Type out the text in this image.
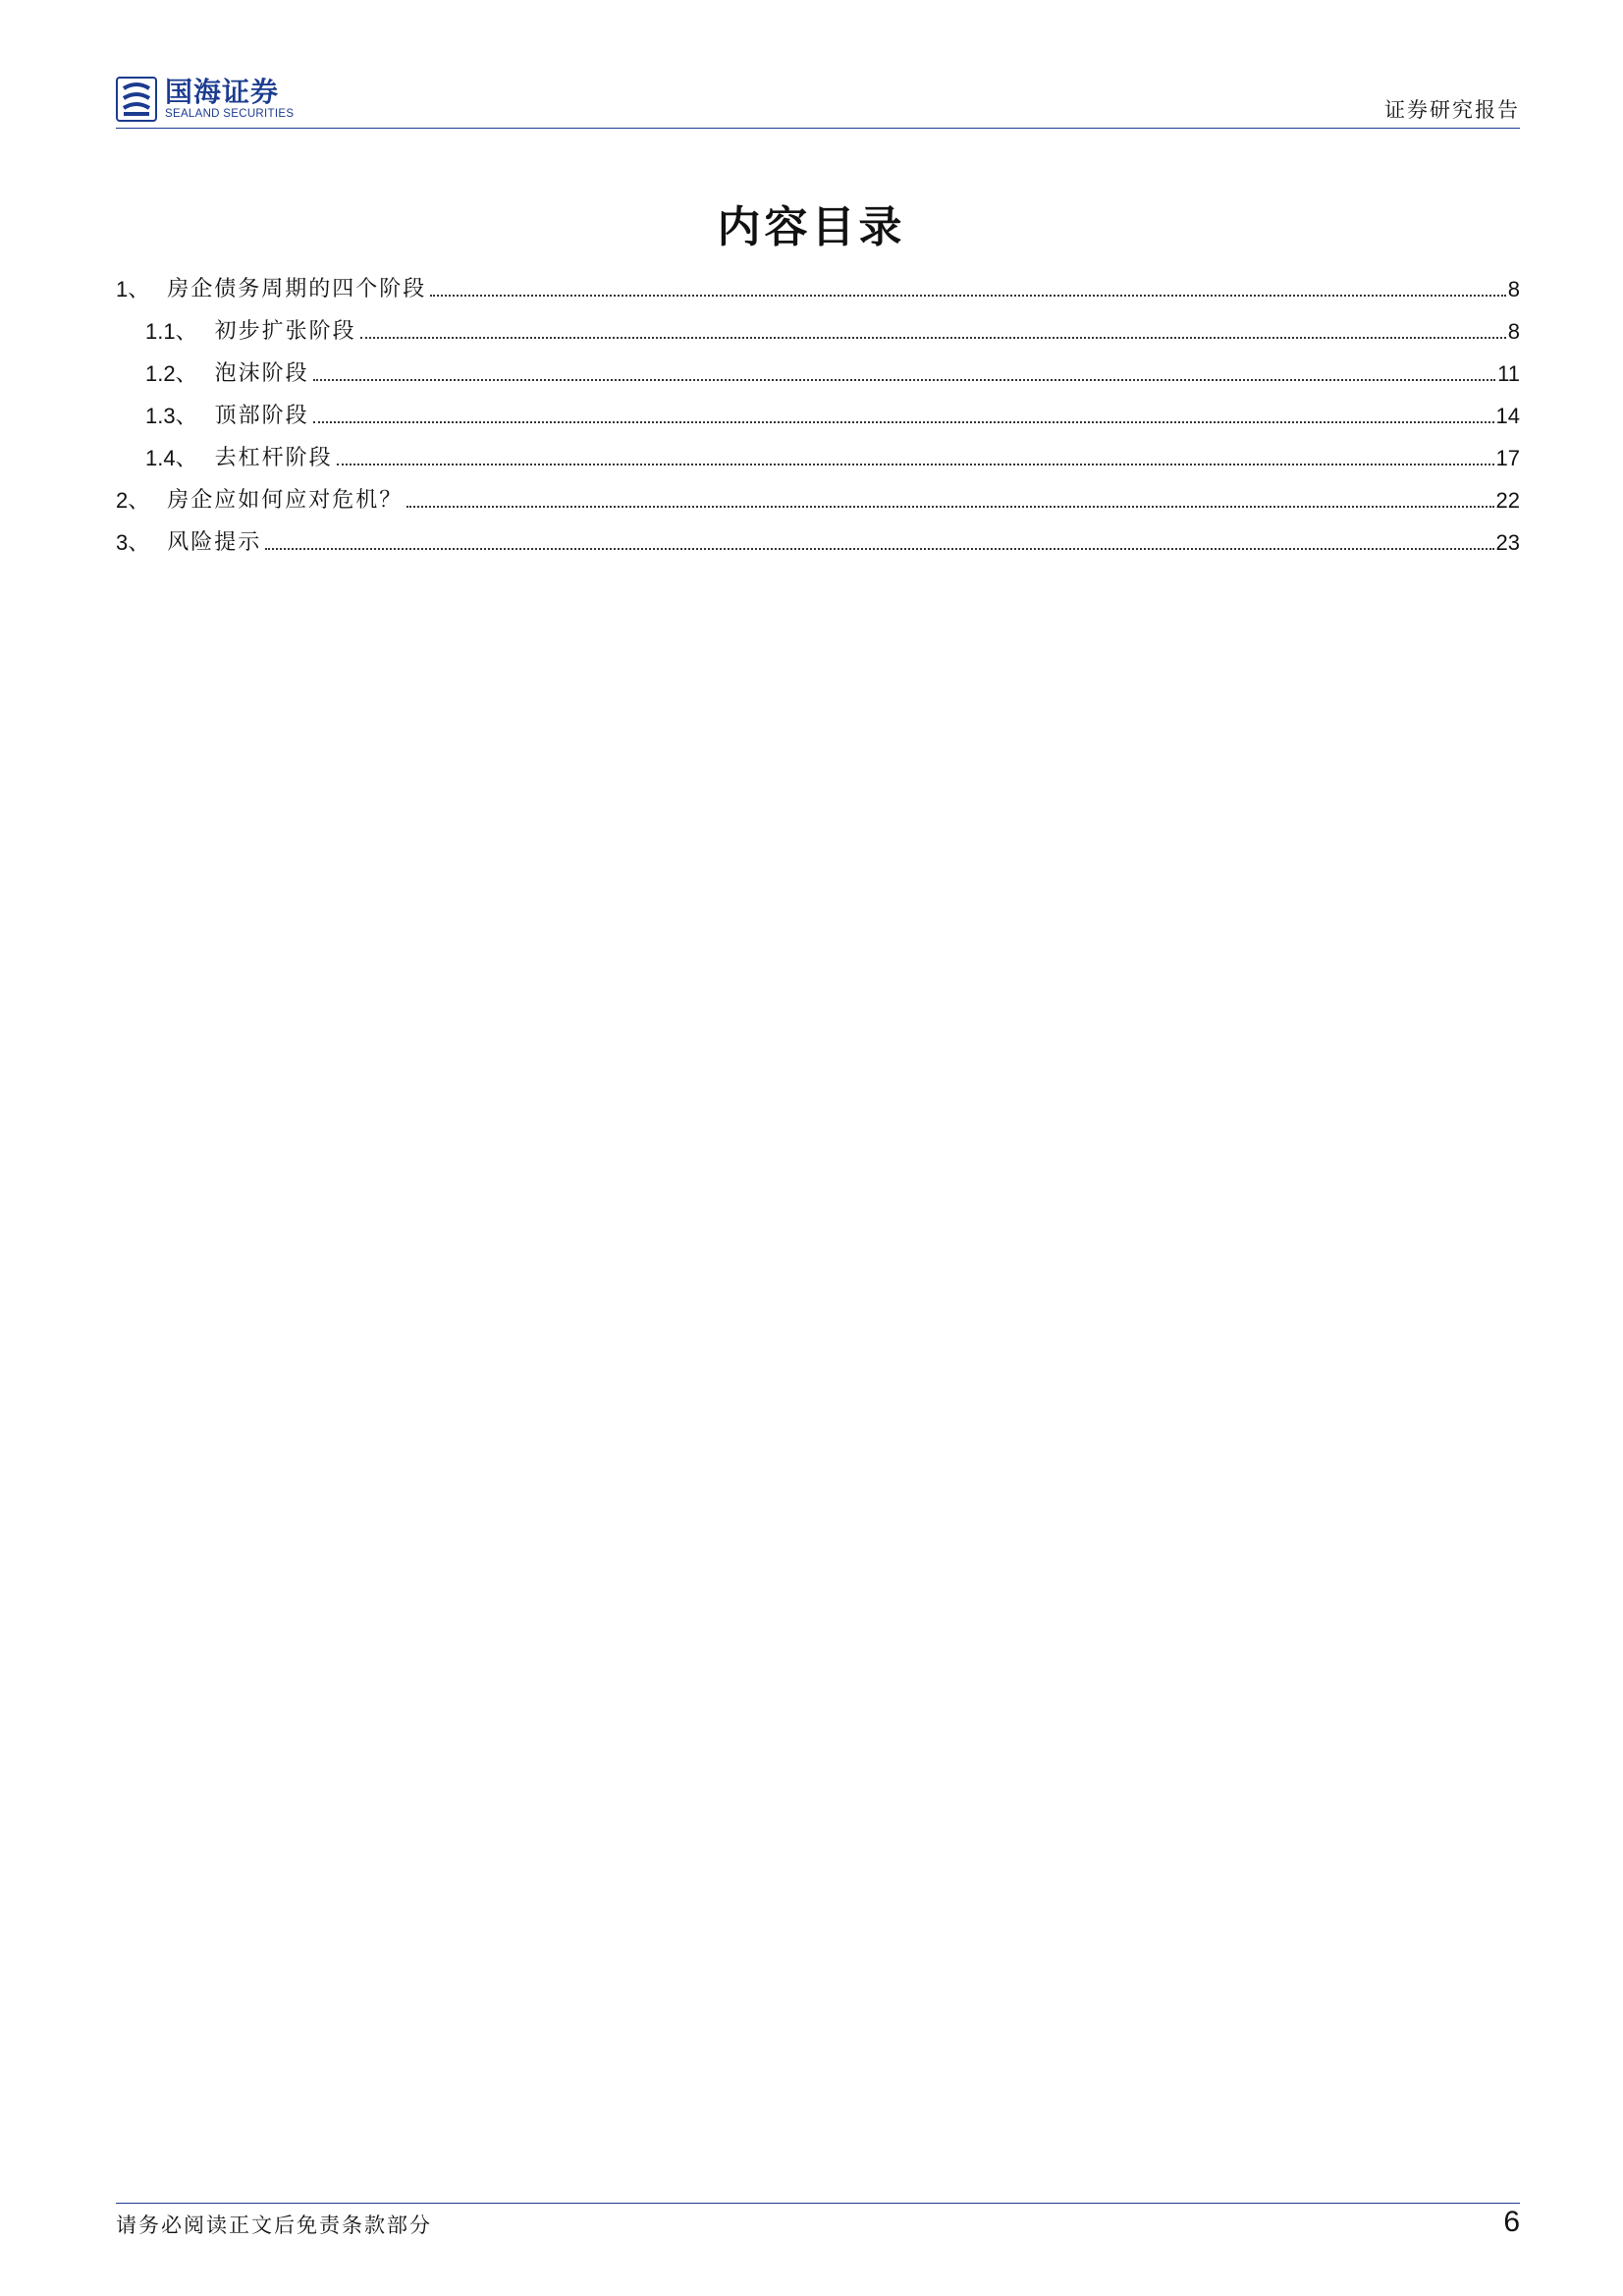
国海证券
SEALAND SECURITIES	证券研究报告
内容目录
1、 房企债务周期的四个阶段	8
1.1、 初步扩张阶段	8
1.2、 泡沫阶段	11
1.3、 顶部阶段	14
1.4、 去杠杆阶段	17
2、 房企应如何应对危机？	22
3、 风险提示	23
请务必阅读正文后免责条款部分	6
